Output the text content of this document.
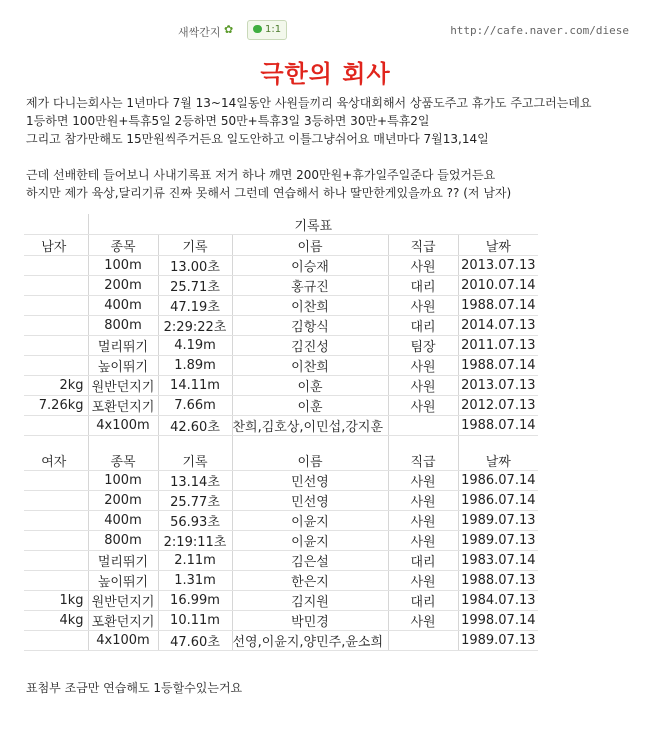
새싹간지 ✿	1:1	http://cafe.naver.com/diese
극한의 회사
제가 다니는회사는 1년마다 7월 13~14일동안 사원들끼리 육상대회해서 상품도주고 휴가도 주고그러는데요
1등하면 100만원+특휴5일 2등하면 50만+특휴3일 3등하면 30만+특휴2일
그리고 참가만해도 15만원씩주거든요 일도안하고 이틀그냥쉬어요 매년마다 7월13,14일
근데 선배한테 들어보니 사내기록표 저거 하나 깨면 200만원+휴가일주일준다 들었거든요
하지만 제가 육상,달리기류 진짜 못해서 그런데 연습해서 하나 딸만한게있을까요 ?? (저 남자)
	기록표				
남자	종목	기록	이름	직급	날짜
	100m	13.00초	이승재	사원	2013.07.13
	200m	25.71초	홍규진	대리	2010.07.14
	400m	47.19초	이찬희	사원	1988.07.14
	800m	2:29:22초	김항식	대리	2014.07.13
	멀리뛰기	4.19m	김진성	팀장	2011.07.13
	높이뛰기	1.89m	이찬희	사원	1988.07.14
2kg	원반던지기	14.11m	이훈	사원	2013.07.13
7.26kg	포환던지기	7.66m	이훈	사원	2012.07.13
	4x100m	42.60초	찬희,김호상,이민섭,강지훈		1988.07.14

여자	종목	기록	이름	직급	날짜
	100m	13.14초	민선영	사원	1986.07.14
	200m	25.77초	민선영	사원	1986.07.14
	400m	56.93초	이윤지	사원	1989.07.13
	800m	2:19:11초	이윤지	사원	1989.07.13
	멀리뛰기	2.11m	김은설	대리	1983.07.14
	높이뛰기	1.31m	한은지	사원	1988.07.13
1kg	원반던지기	16.99m	김지원	대리	1984.07.13
4kg	포환던지기	10.11m	박민경	사원	1998.07.14
	4x100m	47.60초	선영,이윤지,양민주,윤소희		1989.07.13
표첨부 조금만 연습해도 1등할수있는거요
